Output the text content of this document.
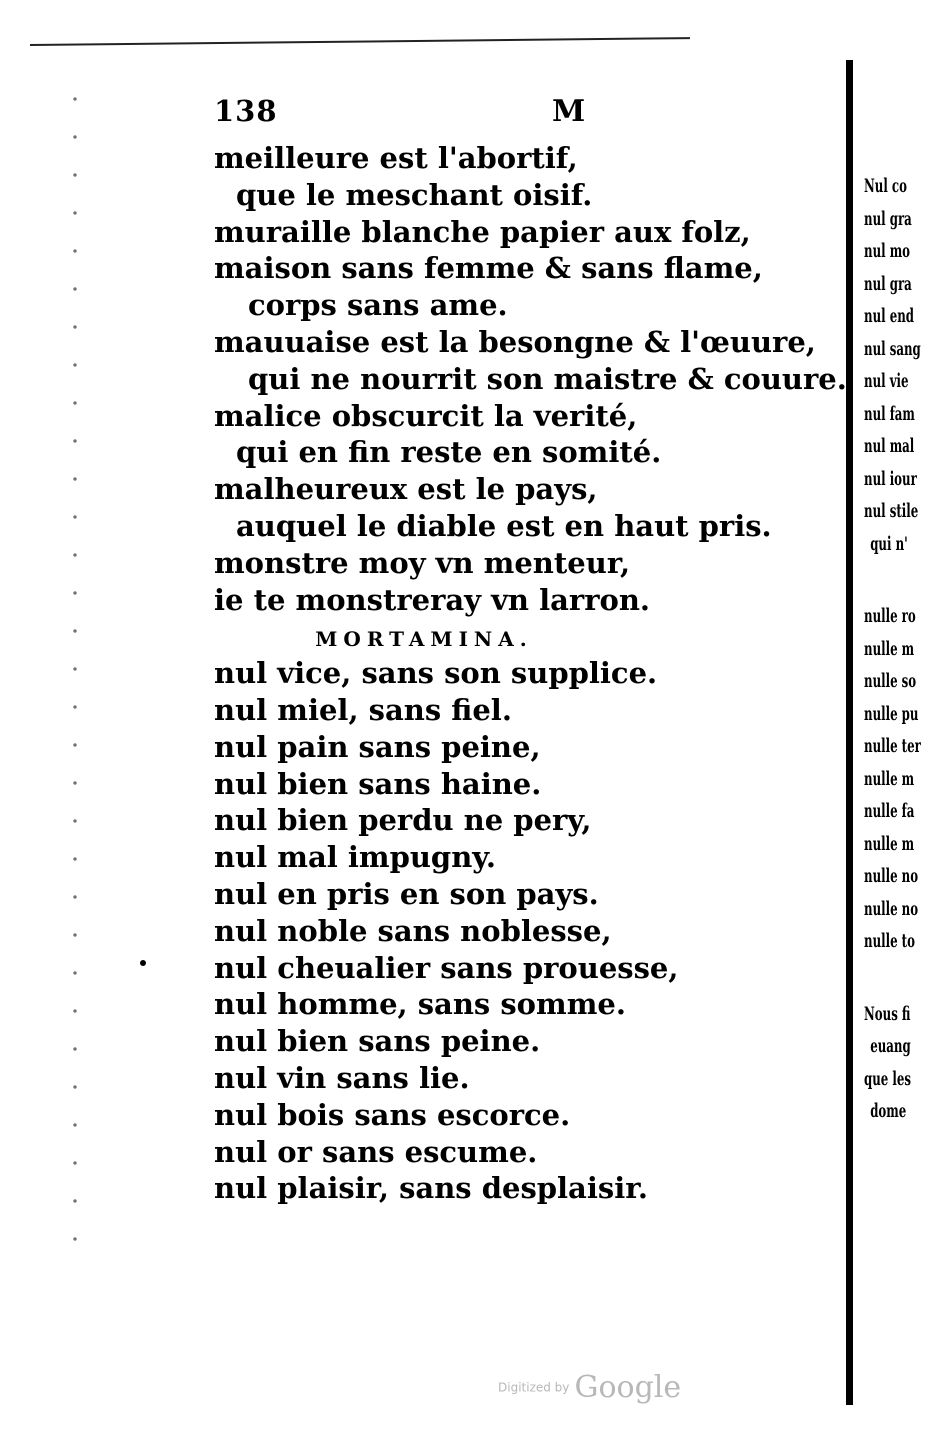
138	M
meilleure est l'abortif,
que le meschant oisif.
muraille blanche papier aux folz,
maison sans femme & sans flame,
corps sans ame.
mauuaise est la besongne & l'œuure,
qui ne nourrit son maistre & couure.
malice obscurcit la verité,
qui en fin reste en somité.
malheureux est le pays,
auquel le diable est en haut pris.
monstre moy vn menteur,
ie te monstreray vn larron.
MORTAMINA.
nul vice, sans son supplice.
nul miel, sans fiel.
nul pain sans peine,
nul bien sans haine.
nul bien perdu ne pery,
nul mal impugny.
nul en pris en son pays.
nul noble sans noblesse,
nul cheualier sans prouesse,
nul homme, sans somme.
nul bien sans peine.
nul vin sans lie.
nul bois sans escorce.
nul or sans escume.
nul plaisir, sans desplaisir.
Nul co
nul gra
nul mo
nul gra
nul end
nul sang
nul vie
nul fam
nul mal
nul iour
nul stile
qui n'
nulle ro
nulle m
nulle so
nulle pu
nulle ter
nulle m
nulle fa
nulle m
nulle no
nulle no
nulle to
Nous fi
euang
que les
dome
Digitized by Google
